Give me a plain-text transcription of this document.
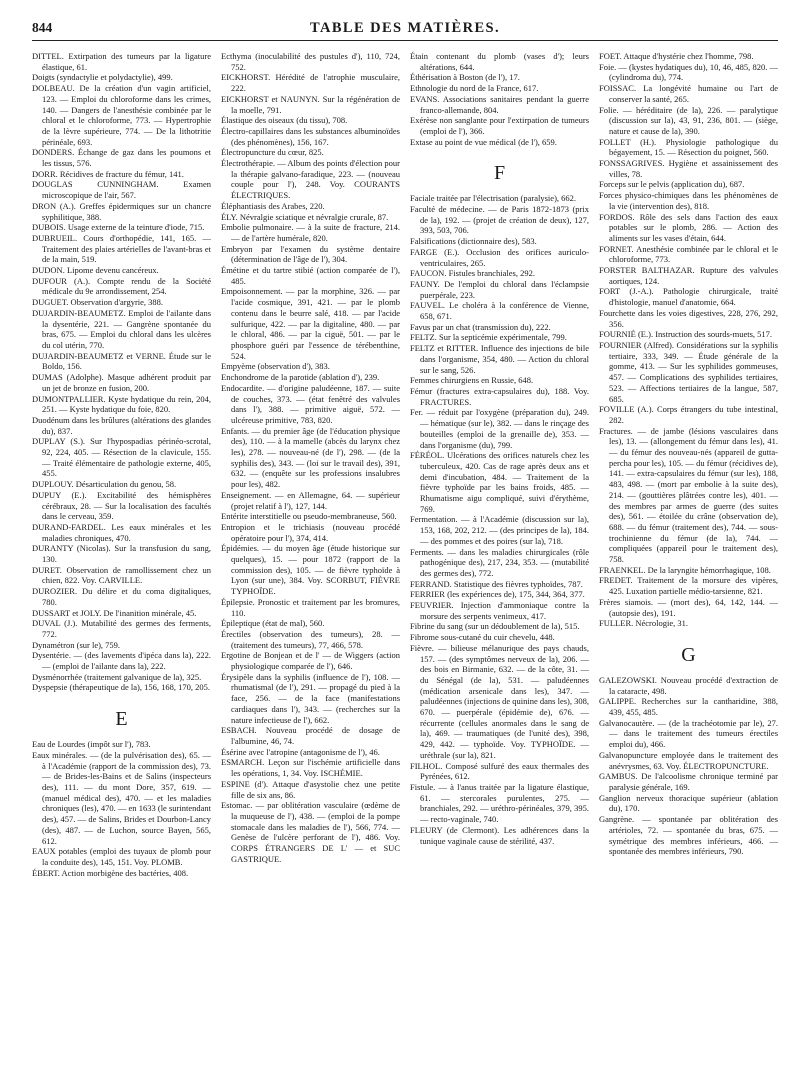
844	TABLE DES MATIÈRES.

DITTEL. Extirpation des tumeurs par la ligature élastique, 61.

Doigts (syndactylie et polydactylie), 499.

DOLBEAU. De la création d'un vagin artificiel, 123. — Emploi du chloroforme dans les crimes, 140. — Dangers de l'anesthésie combinée par le chloral et le chloroforme, 773. — Hypertrophie de la lèvre supérieure, 774. — De la lithotritie périnéale, 693.

DONDERS. Échange de gaz dans les poumons et les tissus, 576.

DORR. Récidives de fracture du fémur, 141.

DOUGLAS CUNNINGHAM. Examen microscopique de l'air, 567.

DRON (A.). Greffes épidermiques sur un chancre syphilitique, 388.

DUBOIS. Usage externe de la teinture d'iode, 715.

DUBRUEIL. Cours d'orthopédie, 141, 165. — Traitement des plaies artérielles de l'avant-bras et de la main, 519.

DUDON. Lipome devenu cancéreux.

DUFOUR (A.). Compte rendu de la Société médicale du 9e arrondissement, 254.

DUGUET. Observation d'argyrie, 388.

DUJARDIN-BEAUMETZ. Emploi de l'ailante dans la dysentérie, 221. — Gangrène spontanée du bras, 675. — Emploi du chloral dans les ulcères du col utérin, 770.

DUJARDIN-BEAUMETZ et VERNE. Étude sur le Boldo, 156.

DUMAS (Adolphe). Masque adhérent produit par un jet de bronze en fusion, 200.

DUMONTPALLIER. Kyste hydatique du rein, 204, 251. — Kyste hydatique du foie, 820.

Duodénum dans les brûlures (altérations des glandes du), 837.

DUPLAY (S.). Sur l'hypospadias périnéo-scrotal, 92, 224, 405. — Résection de la clavicule, 155. — Traité élémentaire de pathologie externe, 405, 455.

DUPLOUY. Désarticulation du genou, 58.

DUPUY (E.). Excitabilité des hémisphères cérébraux, 28. — Sur la localisation des facultés dans le cerveau, 359.

DURAND-FARDEL. Les eaux minérales et les maladies chroniques, 470.

DURANTY (Nicolas). Sur la transfusion du sang, 130.

DURET. Observation de ramollissement chez un chien, 822. Voy. CARVILLE.

DUROZIER. Du délire et du coma digitaliques, 780.

DUSSART et JOLY. De l'inanition minérale, 45.

DUVAL (J.). Mutabilité des germes des ferments, 772.

Dynamétron (sur le), 759.

Dysentérie. — (des lavements d'ipéca dans la), 222. — (emploi de l'ailante dans la), 222.

Dysménorrhée (traitement galvanique de la), 325.

Dyspepsie (thérapeutique de la), 156, 168, 170, 205.

E

Eau de Lourdes (impôt sur l'), 783.

Eaux minérales. — (de la pulvérisation des), 65. — à l'Académie (rapport de la commission des), 73. — de Brides-les-Bains et de Salins (inspecteurs des), 111. — du mont Dore, 357, 619. — (manuel médical des), 470. — et les maladies chroniques (les), 470. — en 1633 (le surintendant des), 457. — de Salins, Brides et Dourbon-Lancy (des), 487. — de Luchon, source Bayen, 565, 612.

EAUX potables (emploi des tuyaux de plomb pour la conduite des), 145, 151. Voy. PLOMB.

ÉBERT. Action morbigène des bactéries, 408.

Ecthyma (inoculabilité des pustules d'), 110, 724, 752.

EICKHORST. Hérédité de l'atrophie musculaire, 222.

EICKHORST et NAUNYN. Sur la régénération de la moelle, 791.

Élastique des oiseaux (du tissu), 708.

Électro-capillaires dans les substances albuminoïdes (des phénomènes), 156, 167.

Électropuncture du cœur, 825.

Électrothérapie. — Album des points d'élection pour la thérapie galvano-faradique, 223. — (nouveau couple pour l'), 248. Voy. COURANTS ÉLECTRIQUES.

Éléphantiasis des Arabes, 220.

ÉLY. Névralgie sciatique et névralgie crurale, 87.

Embolie pulmonaire. — à la suite de fracture, 214. — de l'artère humérale, 820.

Embryon par l'examen du système dentaire (détermination de l'âge de l'), 304.

Émétine et du tartre stibié (action comparée de l'), 485.

Empoisonnement. — par la morphine, 326. — par l'acide cosmique, 391, 421. — par le plomb contenu dans le beurre salé, 418. — par l'acide sulfurique, 422. — par la digitaline, 480. — par le chloral, 486. — par la ciguë, 501. — par le phosphore guéri par l'essence de térébenthine, 524.

Empyème (observation d'), 383.

Enchondrome de la parotide (ablation d'), 239.

Endocardite. — d'origine paludéenne, 187. — suite de couches, 373. — (état fenêtré des valvules dans l'), 388. — primitive aiguë, 572. — ulcéreuse primitive, 783, 820.

Enfants. — du premier âge (de l'éducation physique des), 110. — à la mamelle (abcès du larynx chez les), 278. — nouveau-né (de l'), 298. — (de la syphilis des), 343. — (loi sur le travail des), 391, 632. — (enquête sur les professions insalubres pour les), 482.

Enseignement. — en Allemagne, 64. — supérieur (projet relatif à l'), 127, 144.

Entérite interstitielle ou pseudo-membraneuse, 560.

Entropion et le trichiasis (nouveau procédé opératoire pour l'), 374, 414.

Épidémies. — du moyen âge (étude historique sur quelques), 15. — pour 1872 (rapport de la commission des), 105. — de fièvre typhoïde à Lyon (sur une), 384. Voy. SCORBUT, FIÈVRE TYPHOÏDE.

Épilepsie. Pronostic et traitement par les bromures, 110.

Épileptique (état de mal), 560.

Érectiles (observation des tumeurs), 28. — (traitement des tumeurs), 77, 466, 578.

Ergotine de Bonjean et de l' — de Wiggers (action physiologique comparée de l'), 646.

Érysipèle dans la syphilis (influence de l'), 108. — rhumatismal (de l'), 291. — propagé du pied à la face, 256. — de la face (manifestations cardiaques dans l'), 343. — (recherches sur la nature infectieuse de l'), 662.

ESBACH. Nouveau procédé de dosage de l'albumine, 46, 74.

Ésérine avec l'atropine (antagonisme de l'), 46.

ESMARCH. Leçon sur l'ischémie artificielle dans les opérations, 1, 34. Voy. ISCHÉMIE.

ESPINE (d'). Attaque d'asystolie chez une petite fille de six ans, 86.

Estomac. — par oblitération vasculaire (œdème de la muqueuse de l'), 438. — (emploi de la pompe stomacale dans les maladies de l'), 566, 774. — Genèse de l'ulcère perforant de l'), 486. Voy. CORPS ÉTRANGERS DE L' — et SUC GASTRIQUE.

Étain contenant du plomb (vases d'); leurs altérations, 644.

Éthérisation à Boston (de l'), 17.

Ethnologie du nord de la France, 617.

EVANS. Associations sanitaires pendant la guerre franco-allemande, 804.

Exérèse non sanglante pour l'extirpation de tumeurs (emploi de l'), 366.

Extase au point de vue médical (de l'), 659.

F

Faciale traitée par l'électrisation (paralysie), 662.

Faculté de médecine. — de Paris 1872-1873 (prix de la), 192. — (projet de création de deux), 127, 393, 503, 706.

Falsifications (dictionnaire des), 583.

FARGE (E.). Occlusion des orifices auriculo-ventriculaires, 265.

FAUCON. Fistules branchiales, 292.

FAUNY. De l'emploi du chloral dans l'éclampsie puerpérale, 223.

FAUVEL. Le choléra à la conférence de Vienne, 658, 671.

Favus par un chat (transmission du), 222.

FELTZ. Sur la septicémie expérimentale, 799.

FELTZ et RITTER. Influence des injections de bile dans l'organisme, 354, 480. — Action du chloral sur le sang, 526.

Femmes chirurgiens en Russie, 648.

Fémur (fractures extra-capsulaires du), 188. Voy. FRACTURES.

Fer. — réduit par l'oxygène (préparation du), 249. — hématique (sur le), 382. — dans le rinçage des bouteilles (emploi de la grenaille de), 353. — dans l'organisme (du), 799.

FÉRÉOL. Ulcérations des orifices naturels chez les tuberculeux, 420. Cas de rage après deux ans et demi d'incubation, 484. — Traitement de la fièvre typhoïde par les bains froids, 485. — Rhumatisme aigu compliqué, suivi d'érythème, 769.

Fermentation. — à l'Académie (discussion sur la), 153, 168, 202, 212. — (des principes de la), 184. — des pommes et des poires (sur la), 718.

Ferments. — dans les maladies chirurgicales (rôle pathogénique des), 217, 234, 353. — (mutabilité des germes des), 772.

FERRAND. Statistique des fièvres typhoïdes, 787.

FERRIER (les expériences de), 175, 344, 364, 377.

FEUVRIER. Injection d'ammoniaque contre la morsure des serpents venimeux, 417.

Fibrine du sang (sur un dédoublement de la), 515.

Fibrome sous-cutané du cuir chevelu, 448.

Fièvre. — bilieuse mélanurique des pays chauds, 157. — (des symptômes nerveux de la), 206. — des bois en Birmanie, 632. — de la côte, 31. — du Sénégal (de la), 531. — paludéennes (médication arsenicale dans les), 347. — paludéennes (injections de quinine dans les), 308, 670. — puerpérale (épidémie de), 676. — récurrente (cellules anormales dans le sang de la), 469. — traumatiques (de l'unité des), 398, 429, 442. — typhoïde. Voy. TYPHOÏDE. — uréthrale (sur la), 821.

FILHOL. Composé sulfuré des eaux thermales des Pyrénées, 612.

Fistule. — à l'anus traitée par la ligature élastique, 61. — stercorales purulentes, 275. — branchiales, 292. — uréthro-périnéales, 379, 395. — recto-vaginale, 740.

FLEURY (de Clermont). Les adhérences dans la tunique vaginale cause de stérilité, 437.

FOET. Attaque d'hystérie chez l'homme, 798.

Foie. — (kystes hydatiques du), 10, 46, 485, 820. — (cylindroma du), 774.

FOISSAC. La longévité humaine ou l'art de conserver la santé, 265.

Folie. — héréditaire (de la), 226. — paralytique (discussion sur la), 43, 91, 236, 801. — (siège, nature et cause de la), 390.

FOLLET (H.). Physiologie pathologique du bégayement, 15. — Résection du poignet, 560.

FONSSAGRIVES. Hygiène et assainissement des villes, 78.

Forceps sur le pelvis (application du), 687.

Forces physico-chimiques dans les phénomènes de la vie (intervention des), 818.

FORDOS. Rôle des sels dans l'action des eaux potables sur le plomb, 286. — Action des aliments sur les vases d'étain, 644.

FORNET. Anesthésie combinée par le chloral et le chloroforme, 773.

FORSTER BALTHAZAR. Rupture des valvules aortiques, 124.

FORT (J.-A.). Pathologie chirurgicale, traité d'histologie, manuel d'anatomie, 664.

Fourchette dans les voies digestives, 228, 276, 292, 356.

FOURNIÉ (E.). Instruction des sourds-muets, 517.

FOURNIER (Alfred). Considérations sur la syphilis tertiaire, 333, 349. — Étude générale de la gomme, 413. — Sur les syphilides gommeuses, 457. — Complications des syphilides tertiaires, 523. — Affections tertiaires de la langue, 587, 685.

FOVILLE (A.). Corps étrangers du tube intestinal, 282.

Fractures. — de jambe (lésions vasculaires dans les), 13. — (allongement du fémur dans les), 41. — du fémur des nouveau-nés (appareil de gutta-percha pour les), 105. — du fémur (récidives de), 141. — extra-capsulaires du fémur (sur les), 188, 483, 498. — (mort par embolie à la suite des), 214. — (gouttières plâtrées contre les), 401. — des membres par armes de guerre (des suites des), 561. — étoilée du crâne (observation de), 688. — du fémur (traitement des), 744. — sous-trochinienne du fémur (de la), 744. — compliquées (appareil pour le traitement des), 758.

FRAENKEL. De la laryngite hémorrhagique, 108.

FREDET. Traitement de la morsure des vipères, 425. Luxation partielle médio-tarsienne, 821.

Frères siamois. — (mort des), 64, 142, 144. — (autopsie des), 191.

FULLER. Nécrologie, 31.

G

GALEZOWSKI. Nouveau procédé d'extraction de la cataracte, 498.

GALIPPE. Recherches sur la cantharidine, 388, 439, 455, 485.

Galvanocautère. — (de la trachéotomie par le), 27. — dans le traitement des tumeurs érectiles emploi du), 466.

Galvanopuncture employée dans le traitement des anévrysmes, 63. Voy. ÉLECTROPUNCTURE.

GAMBUS. De l'alcoolisme chronique terminé par paralysie générale, 169.

Ganglion nerveux thoracique supérieur (ablation du), 170.

Gangrène. — spontanée par oblitération des artérioles, 72. — spontanée du bras, 675. — symétrique des membres inférieurs, 466. — spontanée des membres inférieurs, 790.
